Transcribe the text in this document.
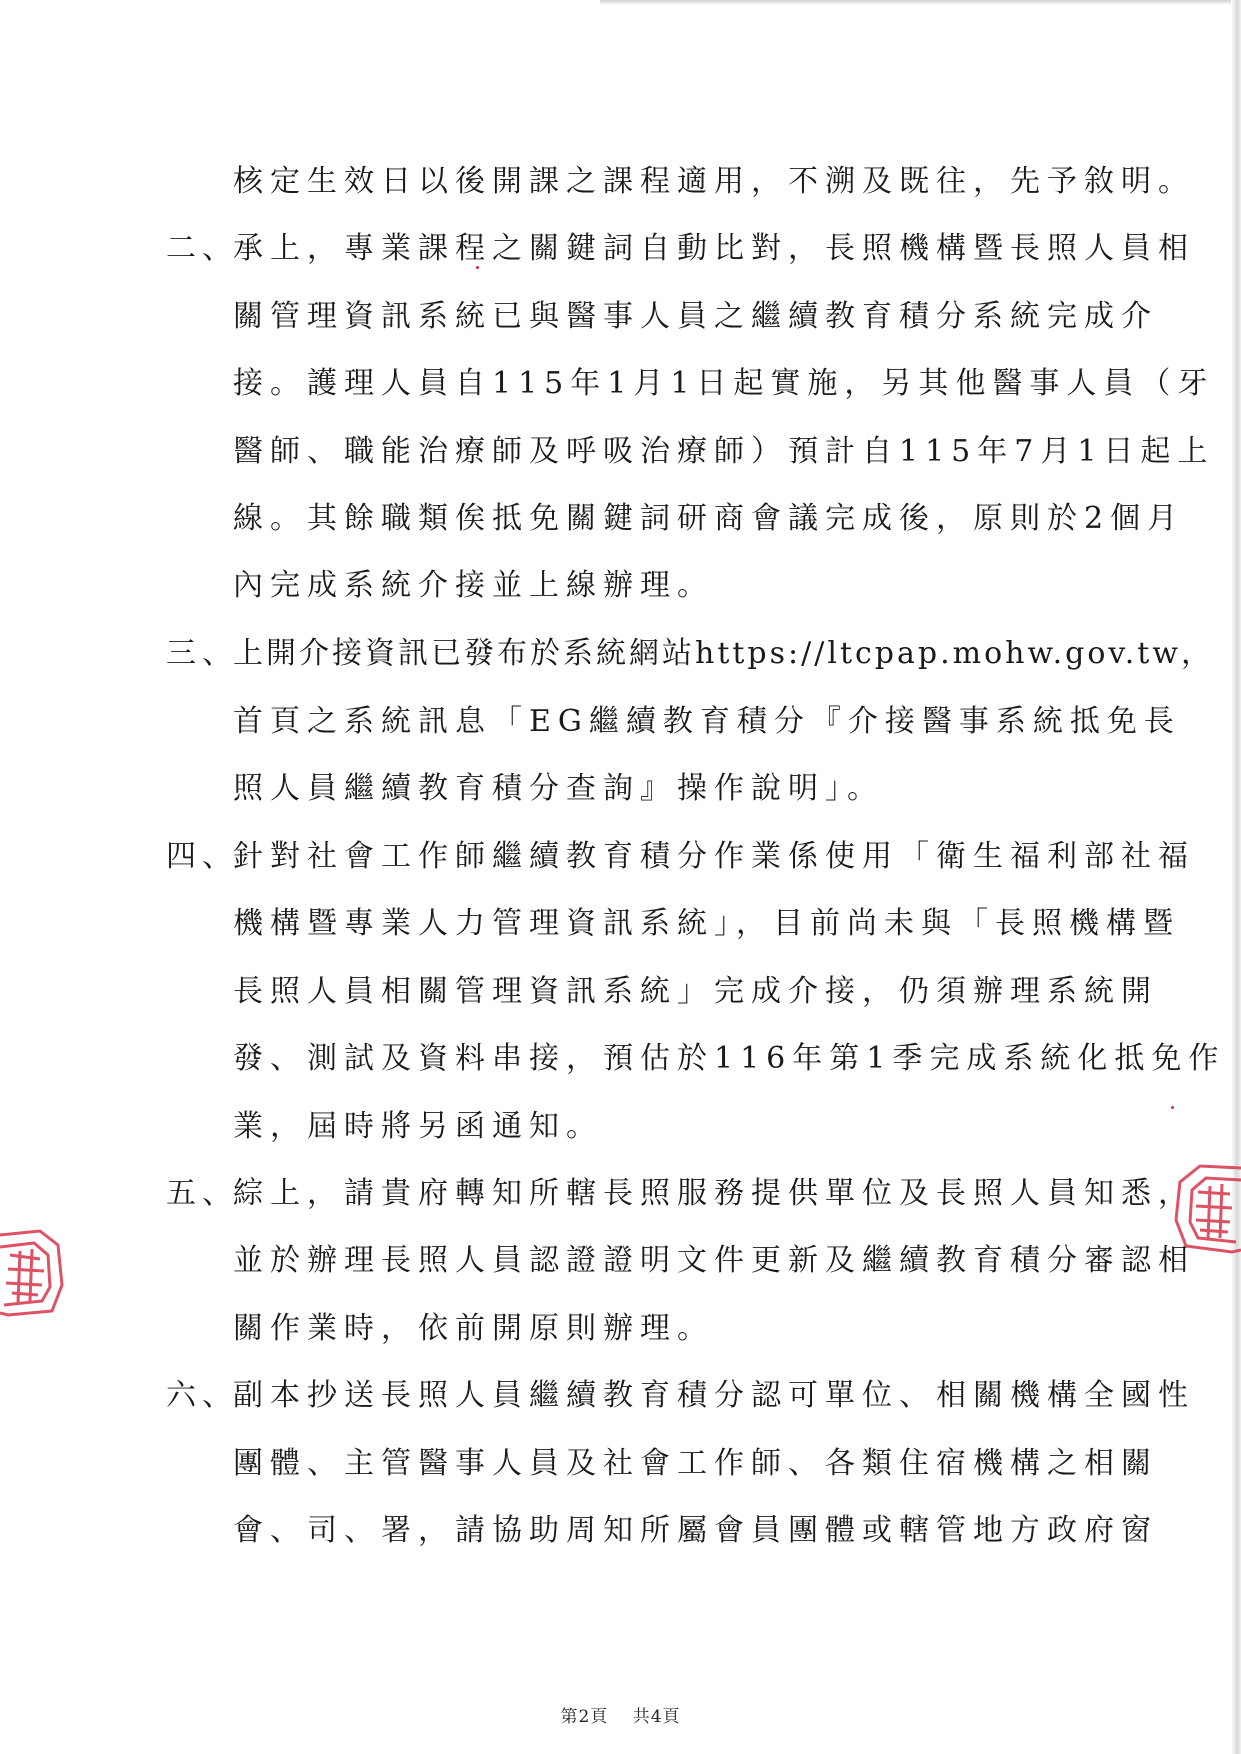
核定生效日以後開課之課程適用，不溯及既往，先予敘明。
二、
承上，專業課程之關鍵詞自動比對，長照機構暨長照人員相
關管理資訊系統已與醫事人員之繼續教育積分系統完成介
接。護理人員自115年1月1日起實施，另其他醫事人員（牙
醫師、職能治療師及呼吸治療師）預計自115年7月1日起上
線。其餘職類俟抵免關鍵詞研商會議完成後，原則於2個月
內完成系統介接並上線辦理。
三、
上開介接資訊已發布於系統網站https://ltcpap.mohw.gov.tw，
首頁之系統訊息「EG繼續教育積分『介接醫事系統抵免長
照人員繼續教育積分查詢』操作說明」。
四、
針對社會工作師繼續教育積分作業係使用「衛生福利部社福
機構暨專業人力管理資訊系統」，目前尚未與「長照機構暨
長照人員相關管理資訊系統」完成介接，仍須辦理系統開
發、測試及資料串接，預估於116年第1季完成系統化抵免作
業，屆時將另函通知。
五、
綜上，請貴府轉知所轄長照服務提供單位及長照人員知悉，
並於辦理長照人員認證證明文件更新及繼續教育積分審認相
關作業時，依前開原則辦理。
六、
副本抄送長照人員繼續教育積分認可單位、相關機構全國性
團體、主管醫事人員及社會工作師、各類住宿機構之相關
會、司、署，請協助周知所屬會員團體或轄管地方政府窗
第2頁 共4頁
